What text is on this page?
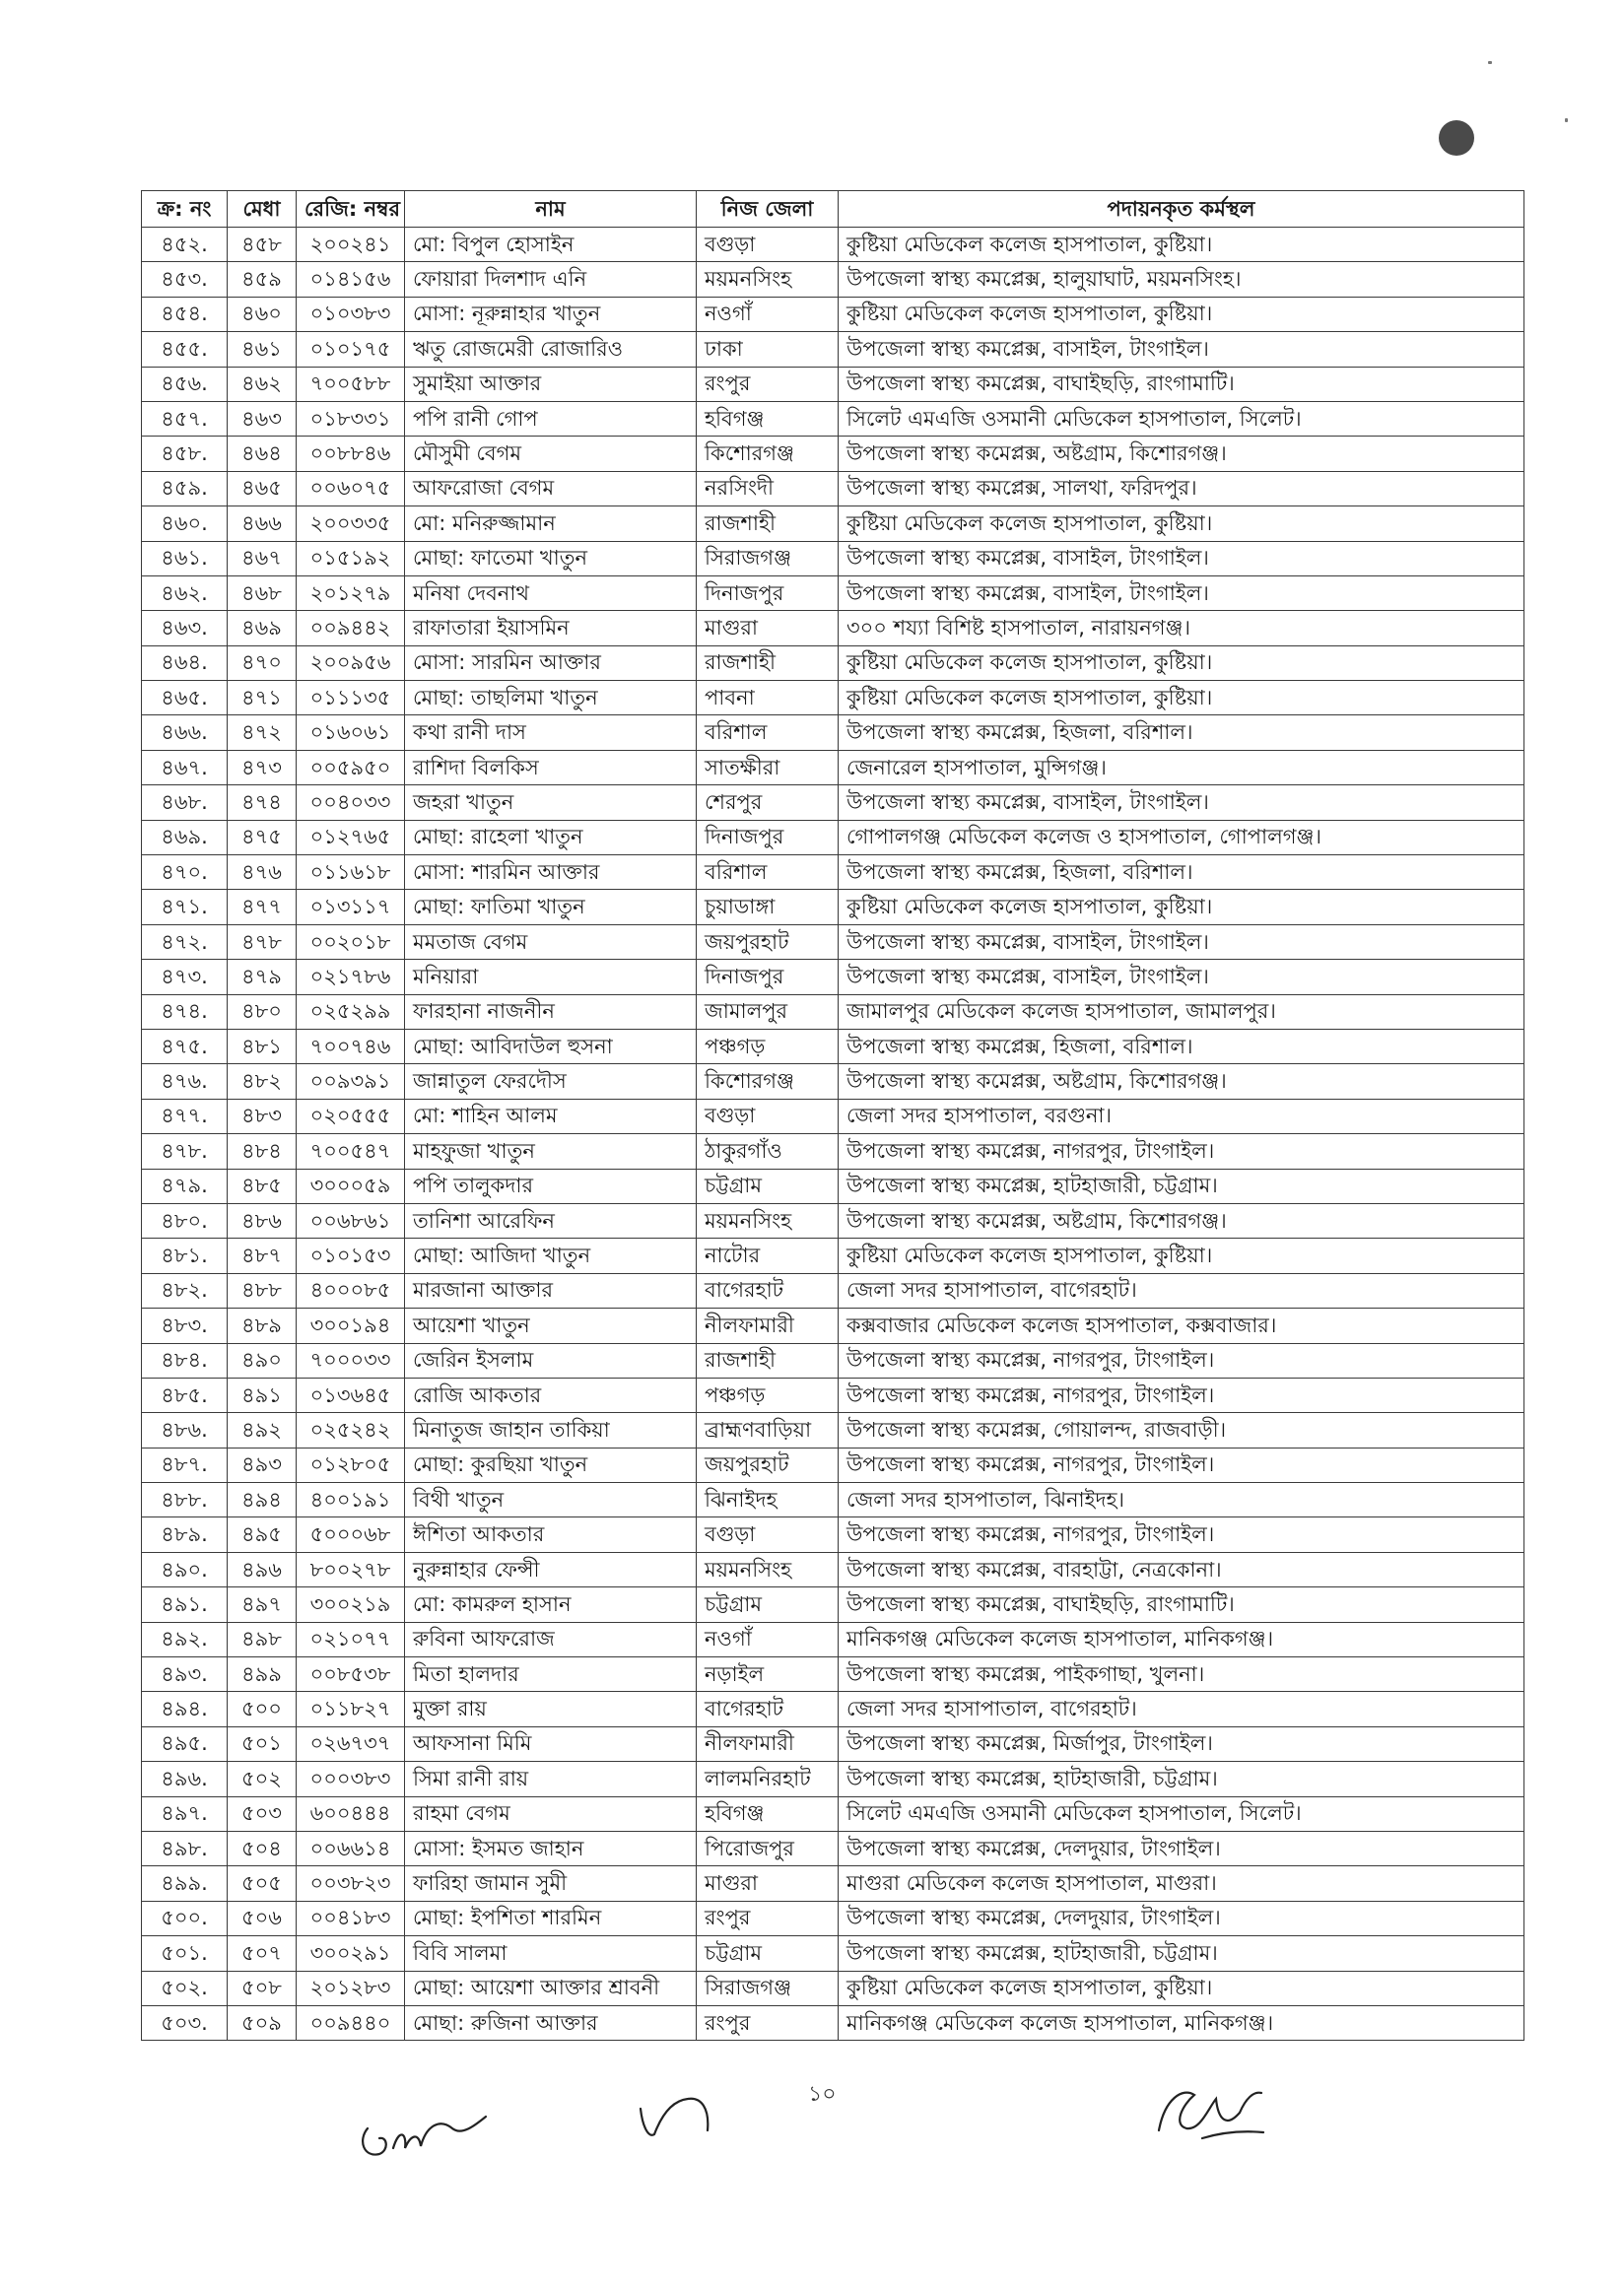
ক্র: নং	মেধা	রেজি: নম্বর	নাম	নিজ জেলা	পদায়নকৃত কর্মস্থল
৪৫২.	৪৫৮	২০০২৪১	মো: বিপুল হোসাইন	বগুড়া	কুষ্টিয়া মেডিকেল কলেজ হাসপাতাল, কুষ্টিয়া।
৪৫৩.	৪৫৯	০১৪১৫৬	ফোয়ারা দিলশাদ এনি	ময়মনসিংহ	উপজেলা স্বাস্থ্য কমপ্লেক্স, হালুয়াঘাট, ময়মনসিংহ।
৪৫৪.	৪৬০	০১০৩৮৩	মোসা: নূরুন্নাহার খাতুন	নওগাঁ	কুষ্টিয়া মেডিকেল কলেজ হাসপাতাল, কুষ্টিয়া।
৪৫৫.	৪৬১	০১০১৭৫	ঋতু রোজমেরী রোজারিও	ঢাকা	উপজেলা স্বাস্থ্য কমপ্লেক্স, বাসাইল, টাংগাইল।
৪৫৬.	৪৬২	৭০০৫৮৮	সুমাইয়া আক্তার	রংপুর	উপজেলা স্বাস্থ্য কমপ্লেক্স, বাঘাইছড়ি, রাংগামাটি।
৪৫৭.	৪৬৩	০১৮৩৩১	পপি রানী গোপ	হবিগঞ্জ	সিলেট এমএজি ওসমানী মেডিকেল হাসপাতাল, সিলেট।
৪৫৮.	৪৬৪	০০৮৮৪৬	মৌসুমী বেগম	কিশোরগঞ্জ	উপজেলা স্বাস্থ্য কমেপ্লক্স, অষ্টগ্রাম, কিশোরগঞ্জ।
৪৫৯.	৪৬৫	০০৬০৭৫	আফরোজা বেগম	নরসিংদী	উপজেলা স্বাস্থ্য কমপ্লেক্স, সালথা, ফরিদপুর।
৪৬০.	৪৬৬	২০০৩৩৫	মো: মনিরুজ্জামান	রাজশাহী	কুষ্টিয়া মেডিকেল কলেজ হাসপাতাল, কুষ্টিয়া।
৪৬১.	৪৬৭	০১৫১৯২	মোছা: ফাতেমা খাতুন	সিরাজগঞ্জ	উপজেলা স্বাস্থ্য কমপ্লেক্স, বাসাইল, টাংগাইল।
৪৬২.	৪৬৮	২০১২৭৯	মনিষা দেবনাথ	দিনাজপুর	উপজেলা স্বাস্থ্য কমপ্লেক্স, বাসাইল, টাংগাইল।
৪৬৩.	৪৬৯	০০৯৪৪২	রাফাতারা ইয়াসমিন	মাগুরা	৩০০ শয্যা বিশিষ্ট হাসপাতাল, নারায়নগঞ্জ।
৪৬৪.	৪৭০	২০০৯৫৬	মোসা: সারমিন আক্তার	রাজশাহী	কুষ্টিয়া মেডিকেল কলেজ হাসপাতাল, কুষ্টিয়া।
৪৬৫.	৪৭১	০১১১৩৫	মোছা: তাছলিমা খাতুন	পাবনা	কুষ্টিয়া মেডিকেল কলেজ হাসপাতাল, কুষ্টিয়া।
৪৬৬.	৪৭২	০১৬০৬১	কথা রানী দাস	বরিশাল	উপজেলা স্বাস্থ্য কমপ্লেক্স, হিজলা, বরিশাল।
৪৬৭.	৪৭৩	০০৫৯৫০	রাশিদা বিলকিস	সাতক্ষীরা	জেনারেল হাসপাতাল, মুন্সিগঞ্জ।
৪৬৮.	৪৭৪	০০৪০৩৩	জহরা খাতুন	শেরপুর	উপজেলা স্বাস্থ্য কমপ্লেক্স, বাসাইল, টাংগাইল।
৪৬৯.	৪৭৫	০১২৭৬৫	মোছা: রাহেলা খাতুন	দিনাজপুর	গোপালগঞ্জ মেডিকেল কলেজ ও হাসপাতাল, গোপালগঞ্জ।
৪৭০.	৪৭৬	০১১৬১৮	মোসা: শারমিন আক্তার	বরিশাল	উপজেলা স্বাস্থ্য কমপ্লেক্স, হিজলা, বরিশাল।
৪৭১.	৪৭৭	০১৩১১৭	মোছা: ফাতিমা খাতুন	চুয়াডাঙ্গা	কুষ্টিয়া মেডিকেল কলেজ হাসপাতাল, কুষ্টিয়া।
৪৭২.	৪৭৮	০০২০১৮	মমতাজ বেগম	জয়পুরহাট	উপজেলা স্বাস্থ্য কমপ্লেক্স, বাসাইল, টাংগাইল।
৪৭৩.	৪৭৯	০২১৭৮৬	মনিয়ারা	দিনাজপুর	উপজেলা স্বাস্থ্য কমপ্লেক্স, বাসাইল, টাংগাইল।
৪৭৪.	৪৮০	০২৫২৯৯	ফারহানা নাজনীন	জামালপুর	জামালপুর মেডিকেল কলেজ হাসপাতাল, জামালপুর।
৪৭৫.	৪৮১	৭০০৭৪৬	মোছা: আবিদাউল হুসনা	পঞ্চগড়	উপজেলা স্বাস্থ্য কমপ্লেক্স, হিজলা, বরিশাল।
৪৭৬.	৪৮২	০০৯৩৯১	জান্নাতুল ফেরদৌস	কিশোরগঞ্জ	উপজেলা স্বাস্থ্য কমেপ্লক্স, অষ্টগ্রাম, কিশোরগঞ্জ।
৪৭৭.	৪৮৩	০২০৫৫৫	মো: শাহিন আলম	বগুড়া	জেলা সদর হাসপাতাল, বরগুনা।
৪৭৮.	৪৮৪	৭০০৫৪৭	মাহফুজা খাতুন	ঠাকুরগাঁও	উপজেলা স্বাস্থ্য কমপ্লেক্স, নাগরপুর, টাংগাইল।
৪৭৯.	৪৮৫	৩০০০৫৯	পপি তালুকদার	চট্টগ্রাম	উপজেলা স্বাস্থ্য কমপ্লেক্স, হাটহাজারী, চট্টগ্রাম।
৪৮০.	৪৮৬	০০৬৮৬১	তানিশা আরেফিন	ময়মনসিংহ	উপজেলা স্বাস্থ্য কমেপ্লক্স, অষ্টগ্রাম, কিশোরগঞ্জ।
৪৮১.	৪৮৭	০১০১৫৩	মোছা: আজিদা খাতুন	নাটোর	কুষ্টিয়া মেডিকেল কলেজ হাসপাতাল, কুষ্টিয়া।
৪৮২.	৪৮৮	৪০০০৮৫	মারজানা আক্তার	বাগেরহাট	জেলা সদর হাসাপাতাল, বাগেরহাট।
৪৮৩.	৪৮৯	৩০০১৯৪	আয়েশা খাতুন	নীলফামারী	কক্সবাজার মেডিকেল কলেজ হাসপাতাল, কক্সবাজার।
৪৮৪.	৪৯০	৭০০০৩৩	জেরিন ইসলাম	রাজশাহী	উপজেলা স্বাস্থ্য কমপ্লেক্স, নাগরপুর, টাংগাইল।
৪৮৫.	৪৯১	০১৩৬৪৫	রোজি আকতার	পঞ্চগড়	উপজেলা স্বাস্থ্য কমপ্লেক্স, নাগরপুর, টাংগাইল।
৪৮৬.	৪৯২	০২৫২৪২	মিনাতুজ জাহান তাকিয়া	ব্রাহ্মণবাড়িয়া	উপজেলা স্বাস্থ্য কমেপ্লক্স, গোয়ালন্দ, রাজবাড়ী।
৪৮৭.	৪৯৩	০১২৮০৫	মোছা: কুরছিয়া খাতুন	জয়পুরহাট	উপজেলা স্বাস্থ্য কমপ্লেক্স, নাগরপুর, টাংগাইল।
৪৮৮.	৪৯৪	৪০০১৯১	বিথী খাতুন	ঝিনাইদহ	জেলা সদর হাসপাতাল, ঝিনাইদহ।
৪৮৯.	৪৯৫	৫০০০৬৮	ঈশিতা আকতার	বগুড়া	উপজেলা স্বাস্থ্য কমপ্লেক্স, নাগরপুর, টাংগাইল।
৪৯০.	৪৯৬	৮০০২৭৮	নুরুন্নাহার ফেন্সী	ময়মনসিংহ	উপজেলা স্বাস্থ্য কমপ্লেক্স, বারহাট্টা, নেত্রকোনা।
৪৯১.	৪৯৭	৩০০২১৯	মো: কামরুল হাসান	চট্টগ্রাম	উপজেলা স্বাস্থ্য কমপ্লেক্স, বাঘাইছড়ি, রাংগামাটি।
৪৯২.	৪৯৮	০২১০৭৭	রুবিনা আফরোজ	নওগাঁ	মানিকগঞ্জ মেডিকেল কলেজ হাসপাতাল, মানিকগঞ্জ।
৪৯৩.	৪৯৯	০০৮৫৩৮	মিতা হালদার	নড়াইল	উপজেলা স্বাস্থ্য কমপ্লেক্স, পাইকগাছা, খুলনা।
৪৯৪.	৫০০	০১১৮২৭	মুক্তা রায়	বাগেরহাট	জেলা সদর হাসাপাতাল, বাগেরহাট।
৪৯৫.	৫০১	০২৬৭৩৭	আফসানা মিমি	নীলফামারী	উপজেলা স্বাস্থ্য কমপ্লেক্স, মির্জাপুর, টাংগাইল।
৪৯৬.	৫০২	০০০৩৮৩	সিমা রানী রায়	লালমনিরহাট	উপজেলা স্বাস্থ্য কমপ্লেক্স, হাটহাজারী, চট্টগ্রাম।
৪৯৭.	৫০৩	৬০০৪৪৪	রাহমা বেগম	হবিগঞ্জ	সিলেট এমএজি ওসমানী মেডিকেল হাসপাতাল, সিলেট।
৪৯৮.	৫০৪	০০৬৬১৪	মোসা: ইসমত জাহান	পিরোজপুর	উপজেলা স্বাস্থ্য কমপ্লেক্স, দেলদুয়ার, টাংগাইল।
৪৯৯.	৫০৫	০০৩৮২৩	ফারিহা জামান সুমী	মাগুরা	মাগুরা মেডিকেল কলেজ হাসপাতাল, মাগুরা।
৫০০.	৫০৬	০০৪১৮৩	মোছা: ইপশিতা শারমিন	রংপুর	উপজেলা স্বাস্থ্য কমপ্লেক্স, দেলদুয়ার, টাংগাইল।
৫০১.	৫০৭	৩০০২৯১	বিবি সালমা	চট্টগ্রাম	উপজেলা স্বাস্থ্য কমপ্লেক্স, হাটহাজারী, চট্টগ্রাম।
৫০২.	৫০৮	২০১২৮৩	মোছা: আয়েশা আক্তার শ্রাবনী	সিরাজগঞ্জ	কুষ্টিয়া মেডিকেল কলেজ হাসপাতাল, কুষ্টিয়া।
৫০৩.	৫০৯	০০৯৪৪০	মোছা: রুজিনা আক্তার	রংপুর	মানিকগঞ্জ মেডিকেল কলেজ হাসপাতাল, মানিকগঞ্জ।
১০
